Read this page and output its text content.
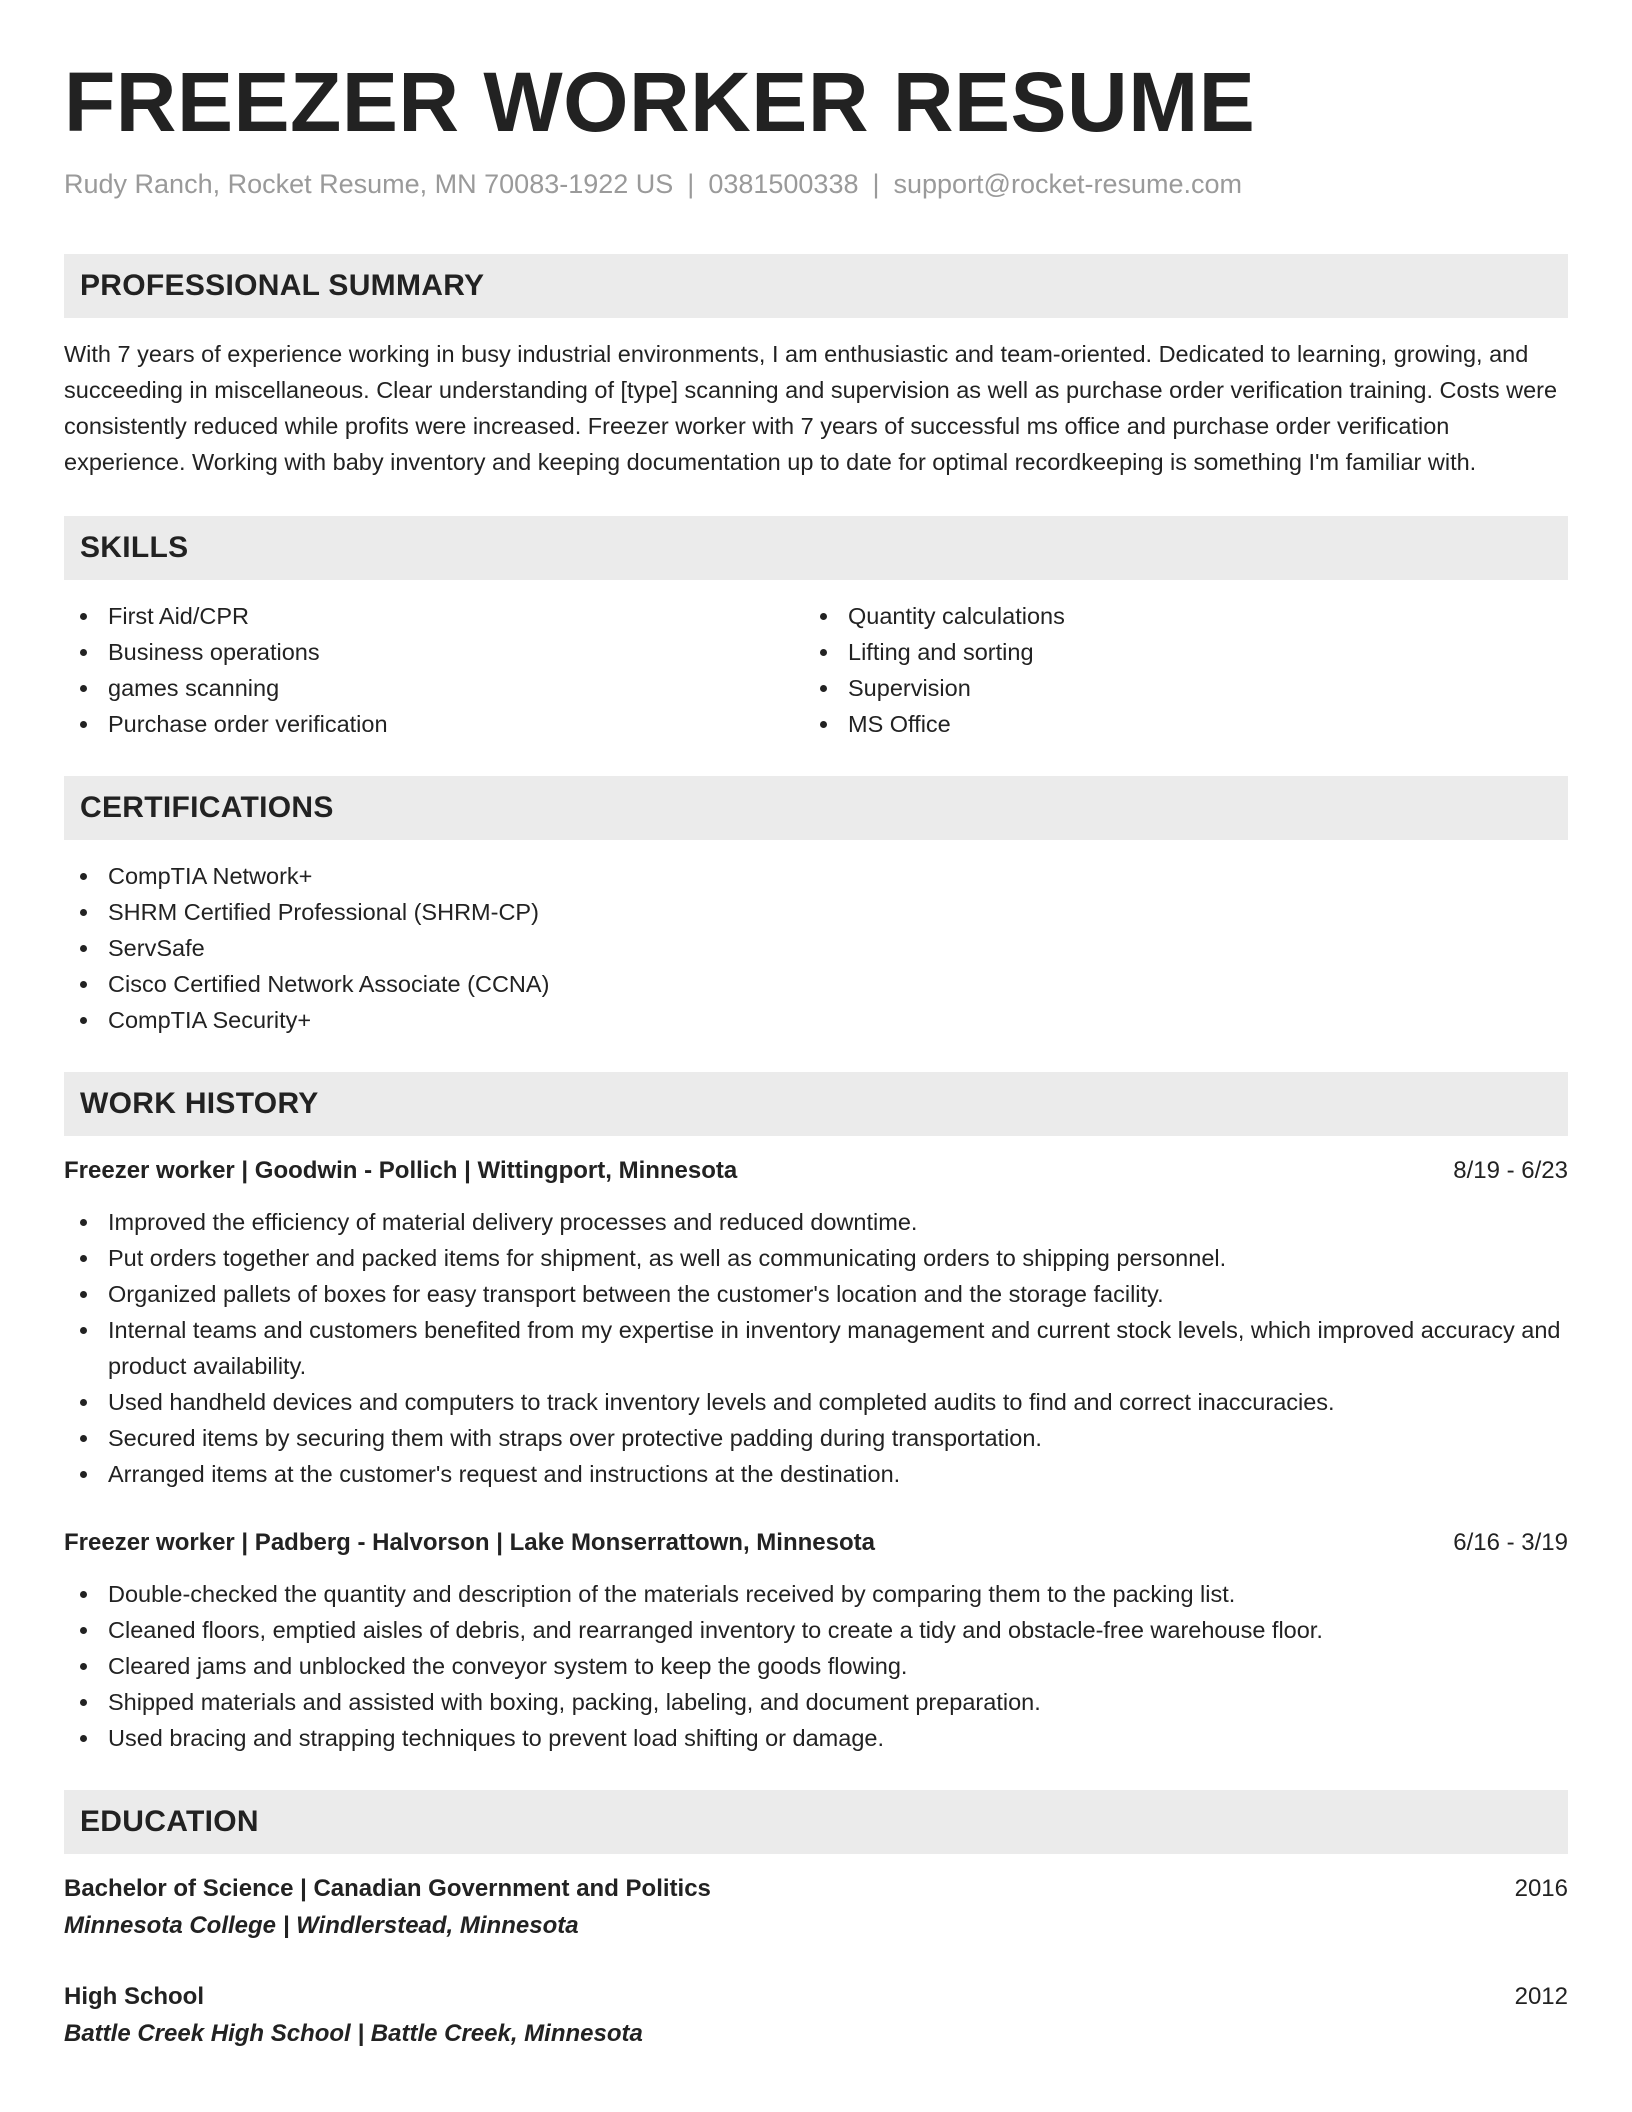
FREEZER WORKER RESUME
Rudy Ranch, Rocket Resume, MN 70083-1922 US | 0381500338 | support@rocket-resume.com
PROFESSIONAL SUMMARY

With 7 years of experience working in busy industrial environments, I am enthusiastic and team-oriented. Dedicated to learning, growing, and succeeding in miscellaneous. Clear understanding of [type] scanning and supervision as well as purchase order verification training. Costs were consistently reduced while profits were increased. Freezer worker with 7 years of successful ms office and purchase order verification experience. Working with baby inventory and keeping documentation up to date for optimal recordkeeping is something I'm familiar with.

SKILLS
First Aid/CPR
Business operations
games scanning
Purchase order verification
Quantity calculations
Lifting and sorting
Supervision
MS Office
CERTIFICATIONS
CompTIA Network+
SHRM Certified Professional (SHRM-CP)
ServSafe
Cisco Certified Network Associate (CCNA)
CompTIA Security+
WORK HISTORY
Freezer worker | Goodwin - Pollich | Wittingport, Minnesota	8/19 - 6/23
Improved the efficiency of material delivery processes and reduced downtime.
Put orders together and packed items for shipment, as well as communicating orders to shipping personnel.
Organized pallets of boxes for easy transport between the customer's location and the storage facility.
Internal teams and customers benefited from my expertise in inventory management and current stock levels, which improved accuracy and product availability.
Used handheld devices and computers to track inventory levels and completed audits to find and correct inaccuracies.
Secured items by securing them with straps over protective padding during transportation.
Arranged items at the customer's request and instructions at the destination.
Freezer worker | Padberg - Halvorson | Lake Monserrattown, Minnesota	6/16 - 3/19
Double-checked the quantity and description of the materials received by comparing them to the packing list.
Cleaned floors, emptied aisles of debris, and rearranged inventory to create a tidy and obstacle-free warehouse floor.
Cleared jams and unblocked the conveyor system to keep the goods flowing.
Shipped materials and assisted with boxing, packing, labeling, and document preparation.
Used bracing and strapping techniques to prevent load shifting or damage.
EDUCATION
Bachelor of Science | Canadian Government and Politics	2016
Minnesota College | Windlerstead, Minnesota
High School	2012
Battle Creek High School | Battle Creek, Minnesota
